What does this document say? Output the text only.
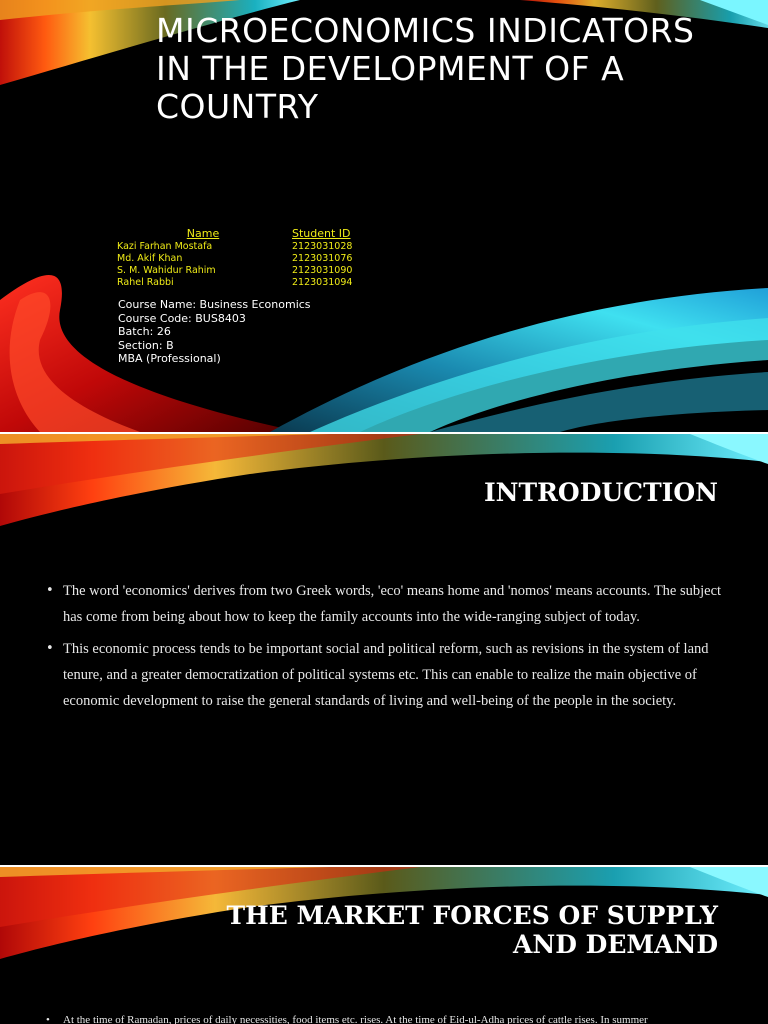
MICROECONOMICS INDICATORS
IN THE DEVELOPMENT OF A
COUNTRY
Name	Student ID
Kazi Farhan Mostafa	2123031028
Md. Akif Khan	2123031076
S. M. Wahidur Rahim	2123031090
Rahel Rabbi	2123031094
Course Name: Business Economics
Course Code: BUS8403
Batch: 26
Section: B
MBA (Professional)
INTRODUCTION
• The word 'economics' derives from two Greek words, 'eco' means home and 'nomos' means accounts. The subject has come from being about how to keep the family accounts into the wide-ranging subject of today.
• This economic process tends to be important social and political reform, such as revisions in the system of land tenure, and a greater democratization of political systems etc. This can enable to realize the main objective of economic development to raise the general standards of living and well-being of the people in the society.
THE MARKET FORCES OF SUPPLY
AND DEMAND
• At the time of Ramadan, prices of daily necessities, food items etc. rises. At the time of Eid-ul-Adha prices of cattle rises. In summer
